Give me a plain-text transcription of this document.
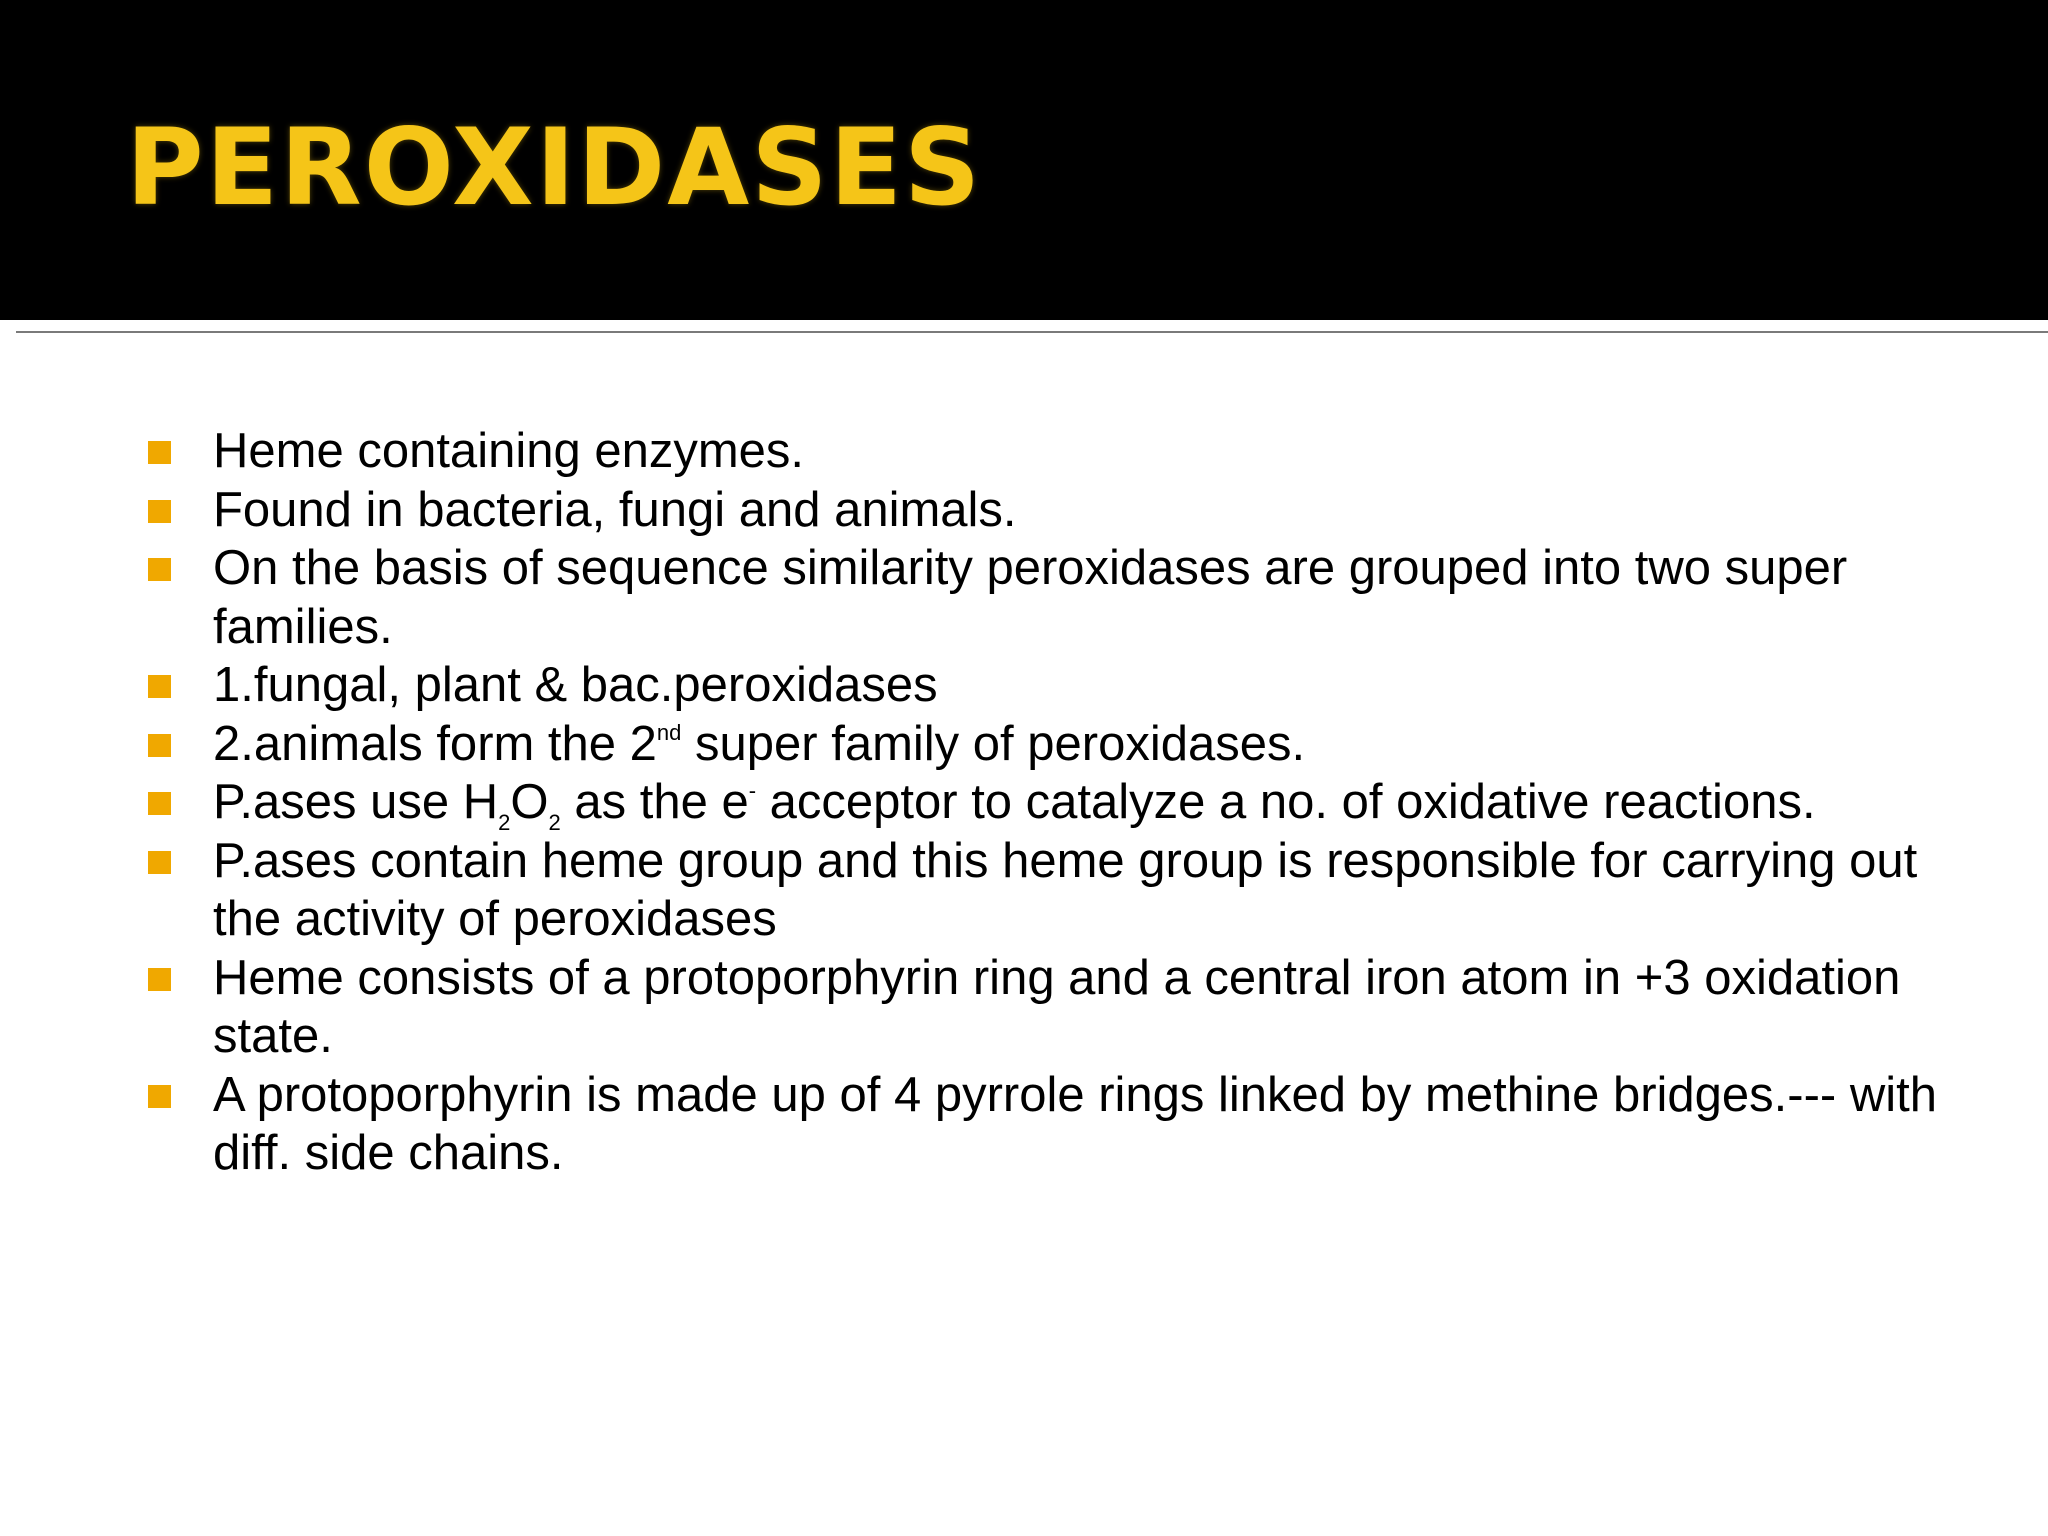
PEROXIDASES
Heme containing enzymes.
Found in bacteria, fungi and animals.
On the basis of sequence similarity peroxidases are grouped into two super families.
1.fungal, plant & bac.peroxidases
2.animals form the 2nd super family of peroxidases.
P.ases use $H_2O_2$ as the e- acceptor to catalyze a no. of oxidative reactions.
P.ases contain heme group and this heme group is responsible for carrying out the activity of peroxidases
Heme consists of a protoporphyrin ring and a central iron atom in +3 oxidation state.
A protoporphyrin is made up of 4 pyrrole rings linked by methine bridges.--- with diff. side chains.
